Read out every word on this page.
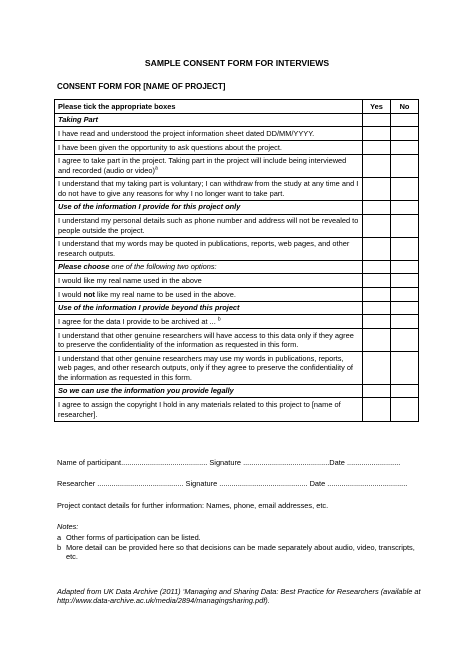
SAMPLE CONSENT FORM FOR INTERVIEWS
CONSENT FORM FOR [NAME OF PROJECT]
Please tick the appropriate boxes	Yes	No
Taking Part		
I have read and understood the project information sheet dated DD/MM/YYYY.		
I have been given the opportunity to ask questions about the project.		
I agree to take part in the project. Taking part in the project will include being interviewed and recorded (audio or video)$^a$		
I understand that my taking part is voluntary; I can withdraw from the study at any time and I do not have to give any reasons for why I no longer want to take part.		
Use of the information I provide for this project only		
I understand my personal details such as phone number and address will not be revealed to people outside the project.		
I understand that my words may be quoted in publications, reports, web pages, and other research outputs.		
Please choose one of the following two options:		
I would like my real name used in the above		
I would not like my real name to be used in the above.		
Use of the information I provide beyond this project		
I agree for the data I provide to be archived at ... $^b$		
I understand that other genuine researchers will have access to this data only if they agree to preserve the confidentiality of the information as requested in this form.		
I understand that other genuine researchers may use my words in publications, reports, web pages, and other research outputs, only if they agree to preserve the confidentiality of the information as requested in this form.		
So we can use the information you provide legally		
I agree to assign the copyright I hold in any materials related to this project to [name of researcher].		
Name of participant.......................................... Signature ..........................................Date ..........................
Researcher .......................................... Signature ........................................... Date .......................................
Project contact details for further information: Names, phone, email addresses, etc.
Notes:
a Other forms of participation can be listed.
b More detail can be provided here so that decisions can be made separately about audio, video, transcripts, etc.
Adapted from UK Data Archive (2011) ‘Managing and Sharing Data: Best Practice for Researchers (available at http://www.data-archive.ac.uk/media/2894/managingsharing.pdf).
